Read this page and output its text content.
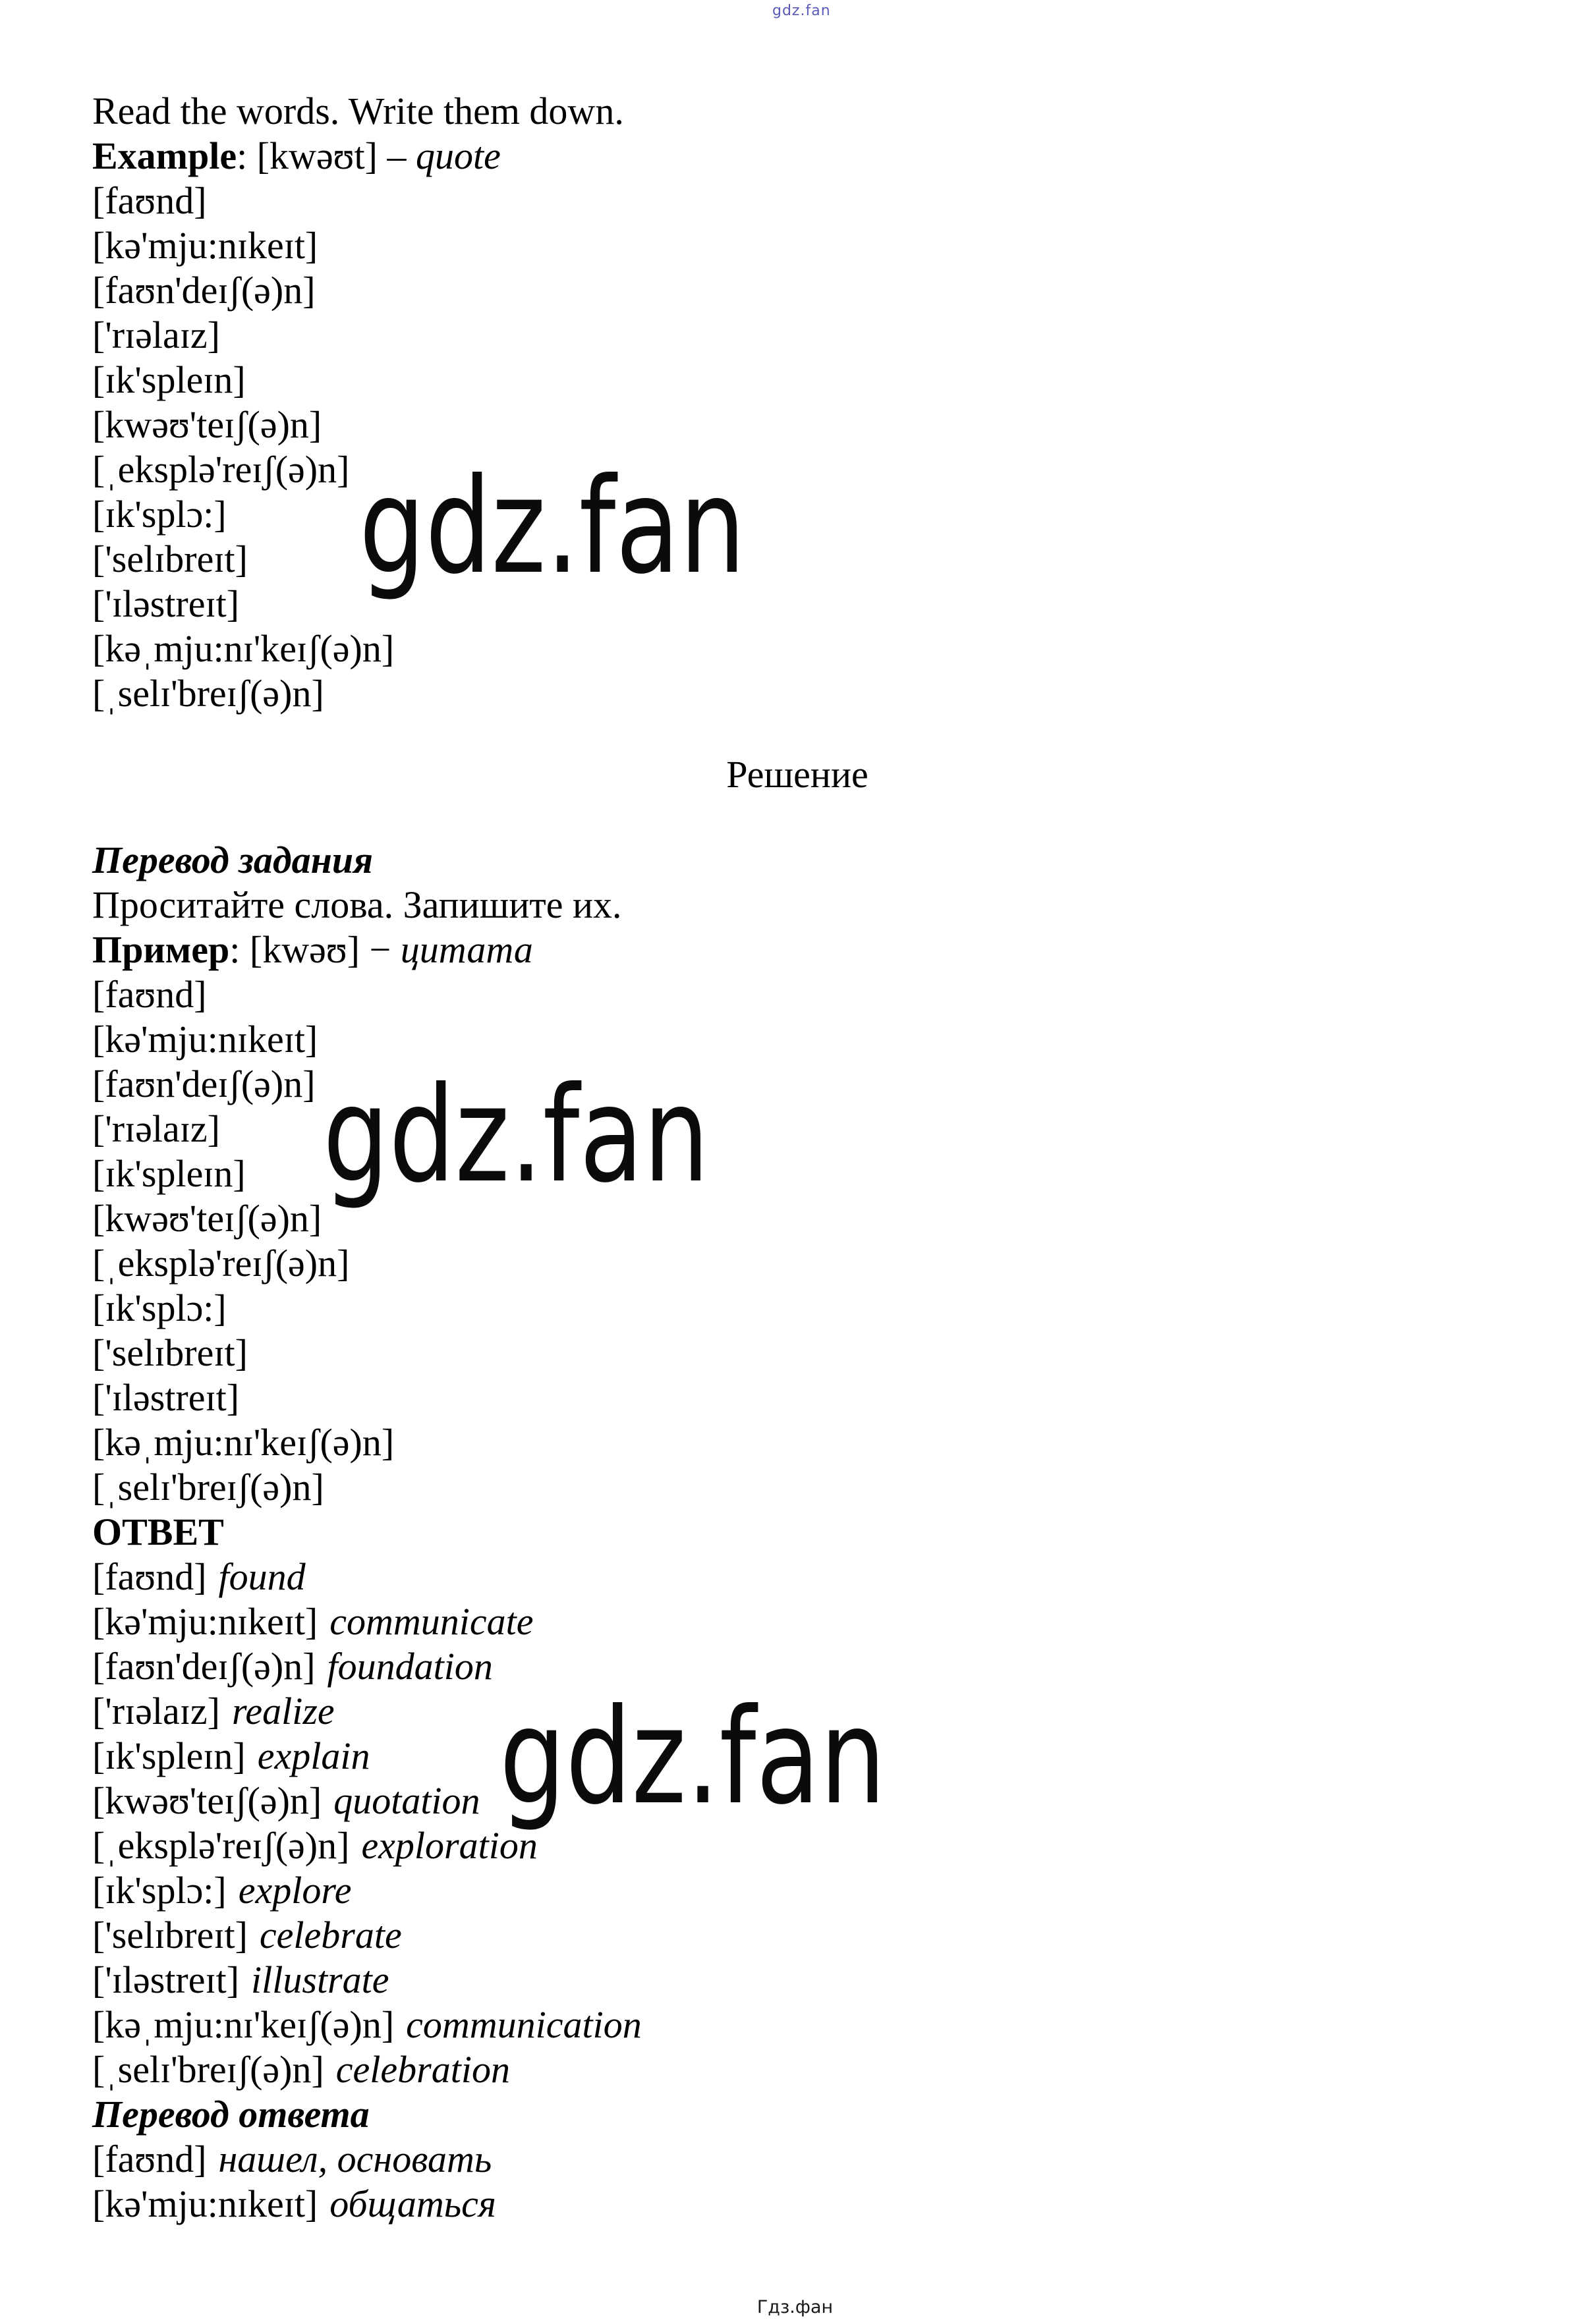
gdz.fan
Read the words. Write them down.
Example: [kwəʊt] – quote
[faʊnd]
[kə'mju:nɪkeɪt]
[faʊn'deɪʃ(ə)n]
['rɪəlaɪz]
[ɪk'spleɪn]
[kwəʊ'teɪʃ(ə)n]
[ˌeksplə'reɪʃ(ə)n]
[ɪk'splɔ:]
['selɪbreɪt]
['ɪləstreɪt]
[kəˌmju:nɪ'keɪʃ(ə)n]
[ˌselɪ'breɪʃ(ə)n]
Решение
Перевод задания
Проситайте слова. Запишите их.
Пример: [kwəʊ] − цитата
[faʊnd]
[kə'mju:nɪkeɪt]
[faʊn'deɪʃ(ə)n]
['rɪəlaɪz]
[ɪk'spleɪn]
[kwəʊ'teɪʃ(ə)n]
[ˌeksplə'reɪʃ(ə)n]
[ɪk'splɔ:]
['selɪbreɪt]
['ɪləstreɪt]
[kəˌmju:nɪ'keɪʃ(ə)n]
[ˌselɪ'breɪʃ(ə)n]
ОТВЕТ
[faʊnd] found
[kə'mju:nɪkeɪt] communicate
[faʊn'deɪʃ(ə)n] foundation
['rɪəlaɪz] realize
[ɪk'spleɪn] explain
[kwəʊ'teɪʃ(ə)n] quotation
[ˌeksplə'reɪʃ(ə)n] exploration
[ɪk'splɔ:] explore
['selɪbreɪt] celebrate
['ɪləstreɪt] illustrate
[kəˌmju:nɪ'keɪʃ(ə)n] communication
[ˌselɪ'breɪʃ(ə)n] celebration
Перевод ответа
[faʊnd] нашел, основать
[kə'mju:nɪkeɪt] общаться
gdz.fan
gdz.fan
gdz.fan
Гдз.фан
